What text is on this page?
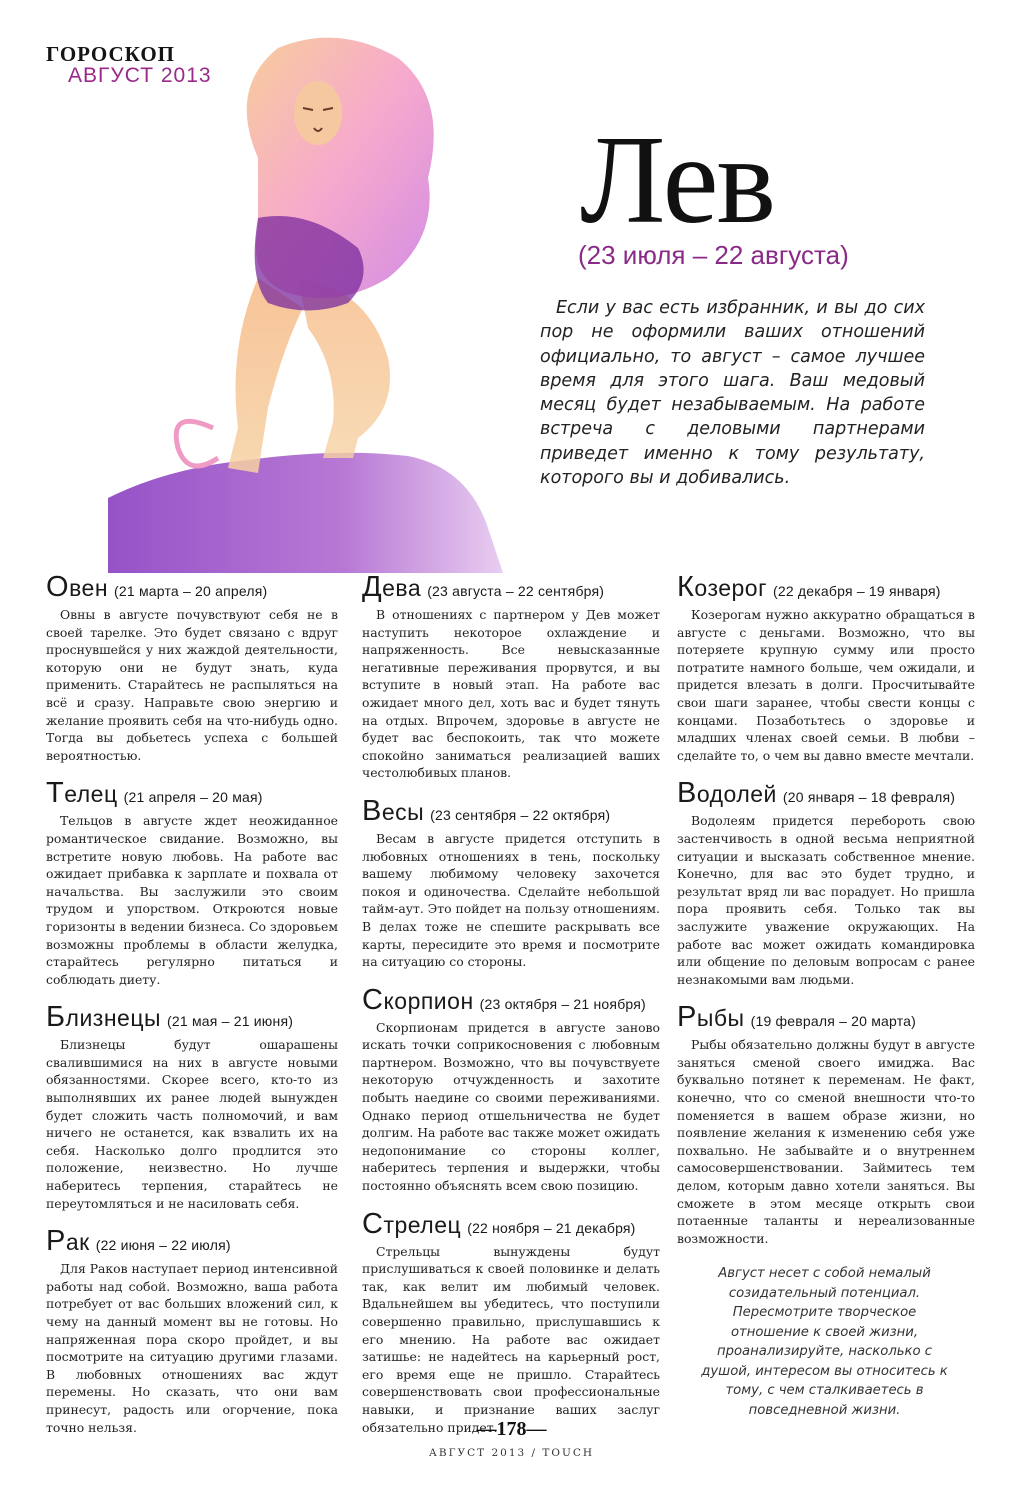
ГОРОСКОП
АВГУСТ 2013
Лев
(23 июля – 22 августа)
Если у вас есть избранник, и вы до сих пор не оформили ваших отношений официально, то август – самое лучшее время для этого шага. Ваш медовый месяц будет незабываемым. На работе встреча с деловыми партнерами приведет именно к тому результату, которого вы и добивались.
Овен (21 марта – 20 апреля)

Овны в августе почувствуют себя не в своей тарелке. Это будет связано с вдруг проснувшейся у них жаждой деятельности, которую они не будут знать, куда применить. Старайтесь не распыляться на всё и сразу. Направьте свою энергию и желание проявить себя на что-нибудь одно. Тогда вы добьетесь успеха с большей вероятностью.

Телец (21 апреля – 20 мая)

Тельцов в августе ждет неожиданное романтическое свидание. Возможно, вы встретите новую любовь. На работе вас ожидает прибавка к зарплате и похвала от начальства. Вы заслужили это своим трудом и упорством. Откроются новые горизонты в ведении бизнеса. Со здоровьем возможны проблемы в области желудка, старайтесь регулярно питаться и соблюдать диету.

Близнецы (21 мая – 21 июня)

Близнецы будут ошарашены свалившимися на них в августе новыми обязанностями. Скорее всего, кто-то из выполнявших их ранее людей вынужден будет сложить часть полномочий, и вам ничего не останется, как взвалить их на себя. Насколько долго продлится это положение, неизвестно. Но лучше наберитесь терпения, старайтесь не переутомляться и не насиловать себя.

Рак (22 июня – 22 июля)

Для Раков наступает период интенсивной работы над собой. Возможно, ваша работа потребует от вас больших вложений сил, к чему на данный момент вы не готовы. Но напряженная пора скоро пройдет, и вы посмотрите на ситуацию другими глазами. В любовных отношениях вас ждут перемены. Но сказать, что они вам принесут, радость или огорчение, пока точно нельзя.

Дева (23 августа – 22 сентября)

В отношениях с партнером у Дев может наступить некоторое охлаждение и напряженность. Все невысказанные негативные переживания прорвутся, и вы вступите в новый этап. На работе вас ожидает много дел, хоть вас и будет тянуть на отдых. Впрочем, здоровье в августе не будет вас беспокоить, так что можете спокойно заниматься реализацией ваших честолюбивых планов.

Весы (23 сентября – 22 октября)

Весам в августе придется отступить в любовных отношениях в тень, поскольку вашему любимому человеку захочется покоя и одиночества. Сделайте небольшой тайм-аут. Это пойдет на пользу отношениям. В делах тоже не спешите раскрывать все карты, пересидите это время и посмотрите на ситуацию со стороны.

Скорпион (23 октября – 21 ноября)

Скорпионам придется в августе заново искать точки соприкосновения с любовным партнером. Возможно, что вы почувствуете некоторую отчужденность и захотите побыть наедине со своими переживаниями. Однако период отшельничества не будет долгим. На работе вас также может ожидать недопонимание со стороны коллег, наберитесь терпения и выдержки, чтобы постоянно объяснять всем свою позицию.

Стрелец (22 ноября – 21 декабря)

Стрельцы вынуждены будут прислушиваться к своей половинке и делать так, как велит им любимый человек. Вдальнейшем вы убедитесь, что поступили совершенно правильно, прислушавшись к его мнению. На работе вас ожидает затишье: не надейтесь на карьерный рост, его время еще не пришло. Старайтесь совершенствовать свои профессиональные навыки, и признание ваших заслуг обязательно придет.

Козерог (22 декабря – 19 января)

Козерогам нужно аккуратно обращаться в августе с деньгами. Возможно, что вы потеряете крупную сумму или просто потратите намного больше, чем ожидали, и придется влезать в долги. Просчитывайте свои шаги заранее, чтобы свести концы с концами. Позаботьтесь о здоровье и младших членах своей семьи. В любви – сделайте то, о чем вы давно вместе мечтали.

Водолей (20 января – 18 февраля)

Водолеям придется перебороть свою застенчивость в одной весьма неприятной ситуации и высказать собственное мнение. Конечно, для вас это будет трудно, и результат вряд ли вас порадует. Но пришла пора проявить себя. Только так вы заслужите уважение окружающих. На работе вас может ожидать командировка или общение по деловым вопросам с ранее незнакомыми вам людьми.

Рыбы (19 февраля – 20 марта)

Рыбы обязательно должны будут в августе заняться сменой своего имиджа. Вас буквально потянет к переменам. Не факт, конечно, что со сменой внешности что-то поменяется в вашем образе жизни, но появление желания к изменению себя уже похвально. Не забывайте и о внутреннем самосовершенствовании. Займитесь тем делом, которым давно хотели заняться. Вы сможете в этом месяце открыть свои потаенные таланты и нереализованные возможности.

Август несет с собой немалый созидательный потенциал. Пересмотрите творческое отношение к своей жизни, проанализируйте, насколько с душой, интересом вы относитесь к тому, с чем сталкиваетесь в повседневной жизни.
—178—
АВГУСТ 2013 / TOUCH
